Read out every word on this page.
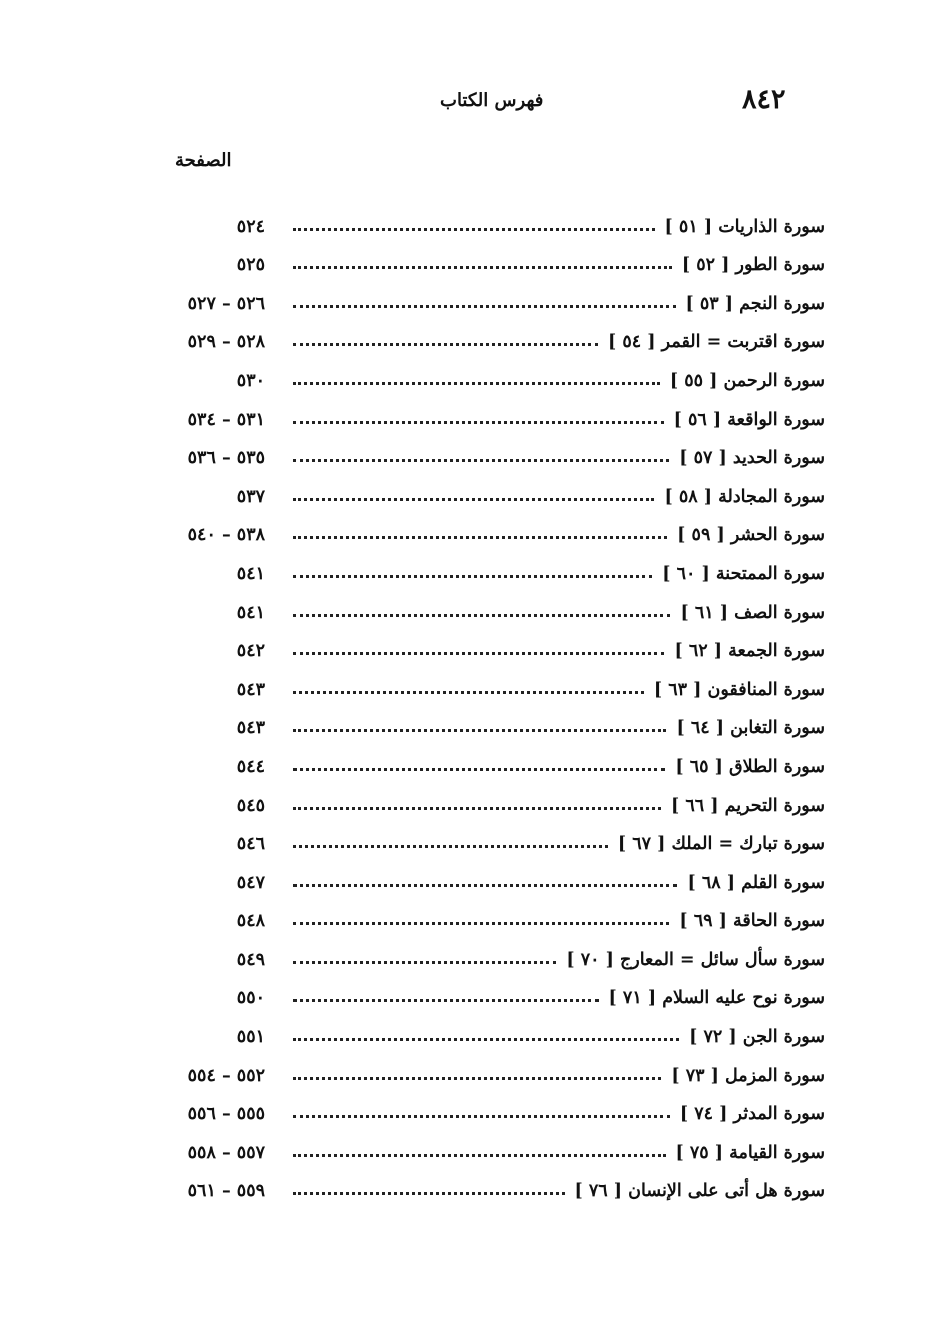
٨٤٢
فهرس الكتاب
الصفحة
سورة الذاريات [ ٥١ ]
٥٢٤
سورة الطور [ ٥٢ ]
٥٢٥
سورة النجم [ ٥٣ ]
٥٢٦ – ٥٢٧
سورة اقتربت = القمر [ ٥٤ ]
٥٢٨ – ٥٢٩
سورة الرحمن [ ٥٥ ]
٥٣٠
سورة الواقعة [ ٥٦ ]
٥٣١ – ٥٣٤
سورة الحديد [ ٥٧ ]
٥٣٥ – ٥٣٦
سورة المجادلة [ ٥٨ ]
٥٣٧
سورة الحشر [ ٥٩ ]
٥٣٨ – ٥٤٠
سورة الممتحنة [ ٦٠ ]
٥٤١
سورة الصف [ ٦١ ]
٥٤١
سورة الجمعة [ ٦٢ ]
٥٤٢
سورة المنافقون [ ٦٣ ]
٥٤٣
سورة التغابن [ ٦٤ ]
٥٤٣
سورة الطلاق [ ٦٥ ]
٥٤٤
سورة التحريم [ ٦٦ ]
٥٤٥
سورة تبارك = الملك [ ٦٧ ]
٥٤٦
سورة القلم [ ٦٨ ]
٥٤٧
سورة الحاقة [ ٦٩ ]
٥٤٨
سورة سأل سائل = المعارج [ ٧٠ ]
٥٤٩
سورة نوح عليه السلام [ ٧١ ]
٥٥٠
سورة الجن [ ٧٢ ]
٥٥١
سورة المزمل [ ٧٣ ]
٥٥٢ – ٥٥٤
سورة المدثر [ ٧٤ ]
٥٥٥ – ٥٥٦
سورة القيامة [ ٧٥ ]
٥٥٧ – ٥٥٨
سورة هل أتى على الإنسان [ ٧٦ ]
٥٥٩ – ٥٦١
